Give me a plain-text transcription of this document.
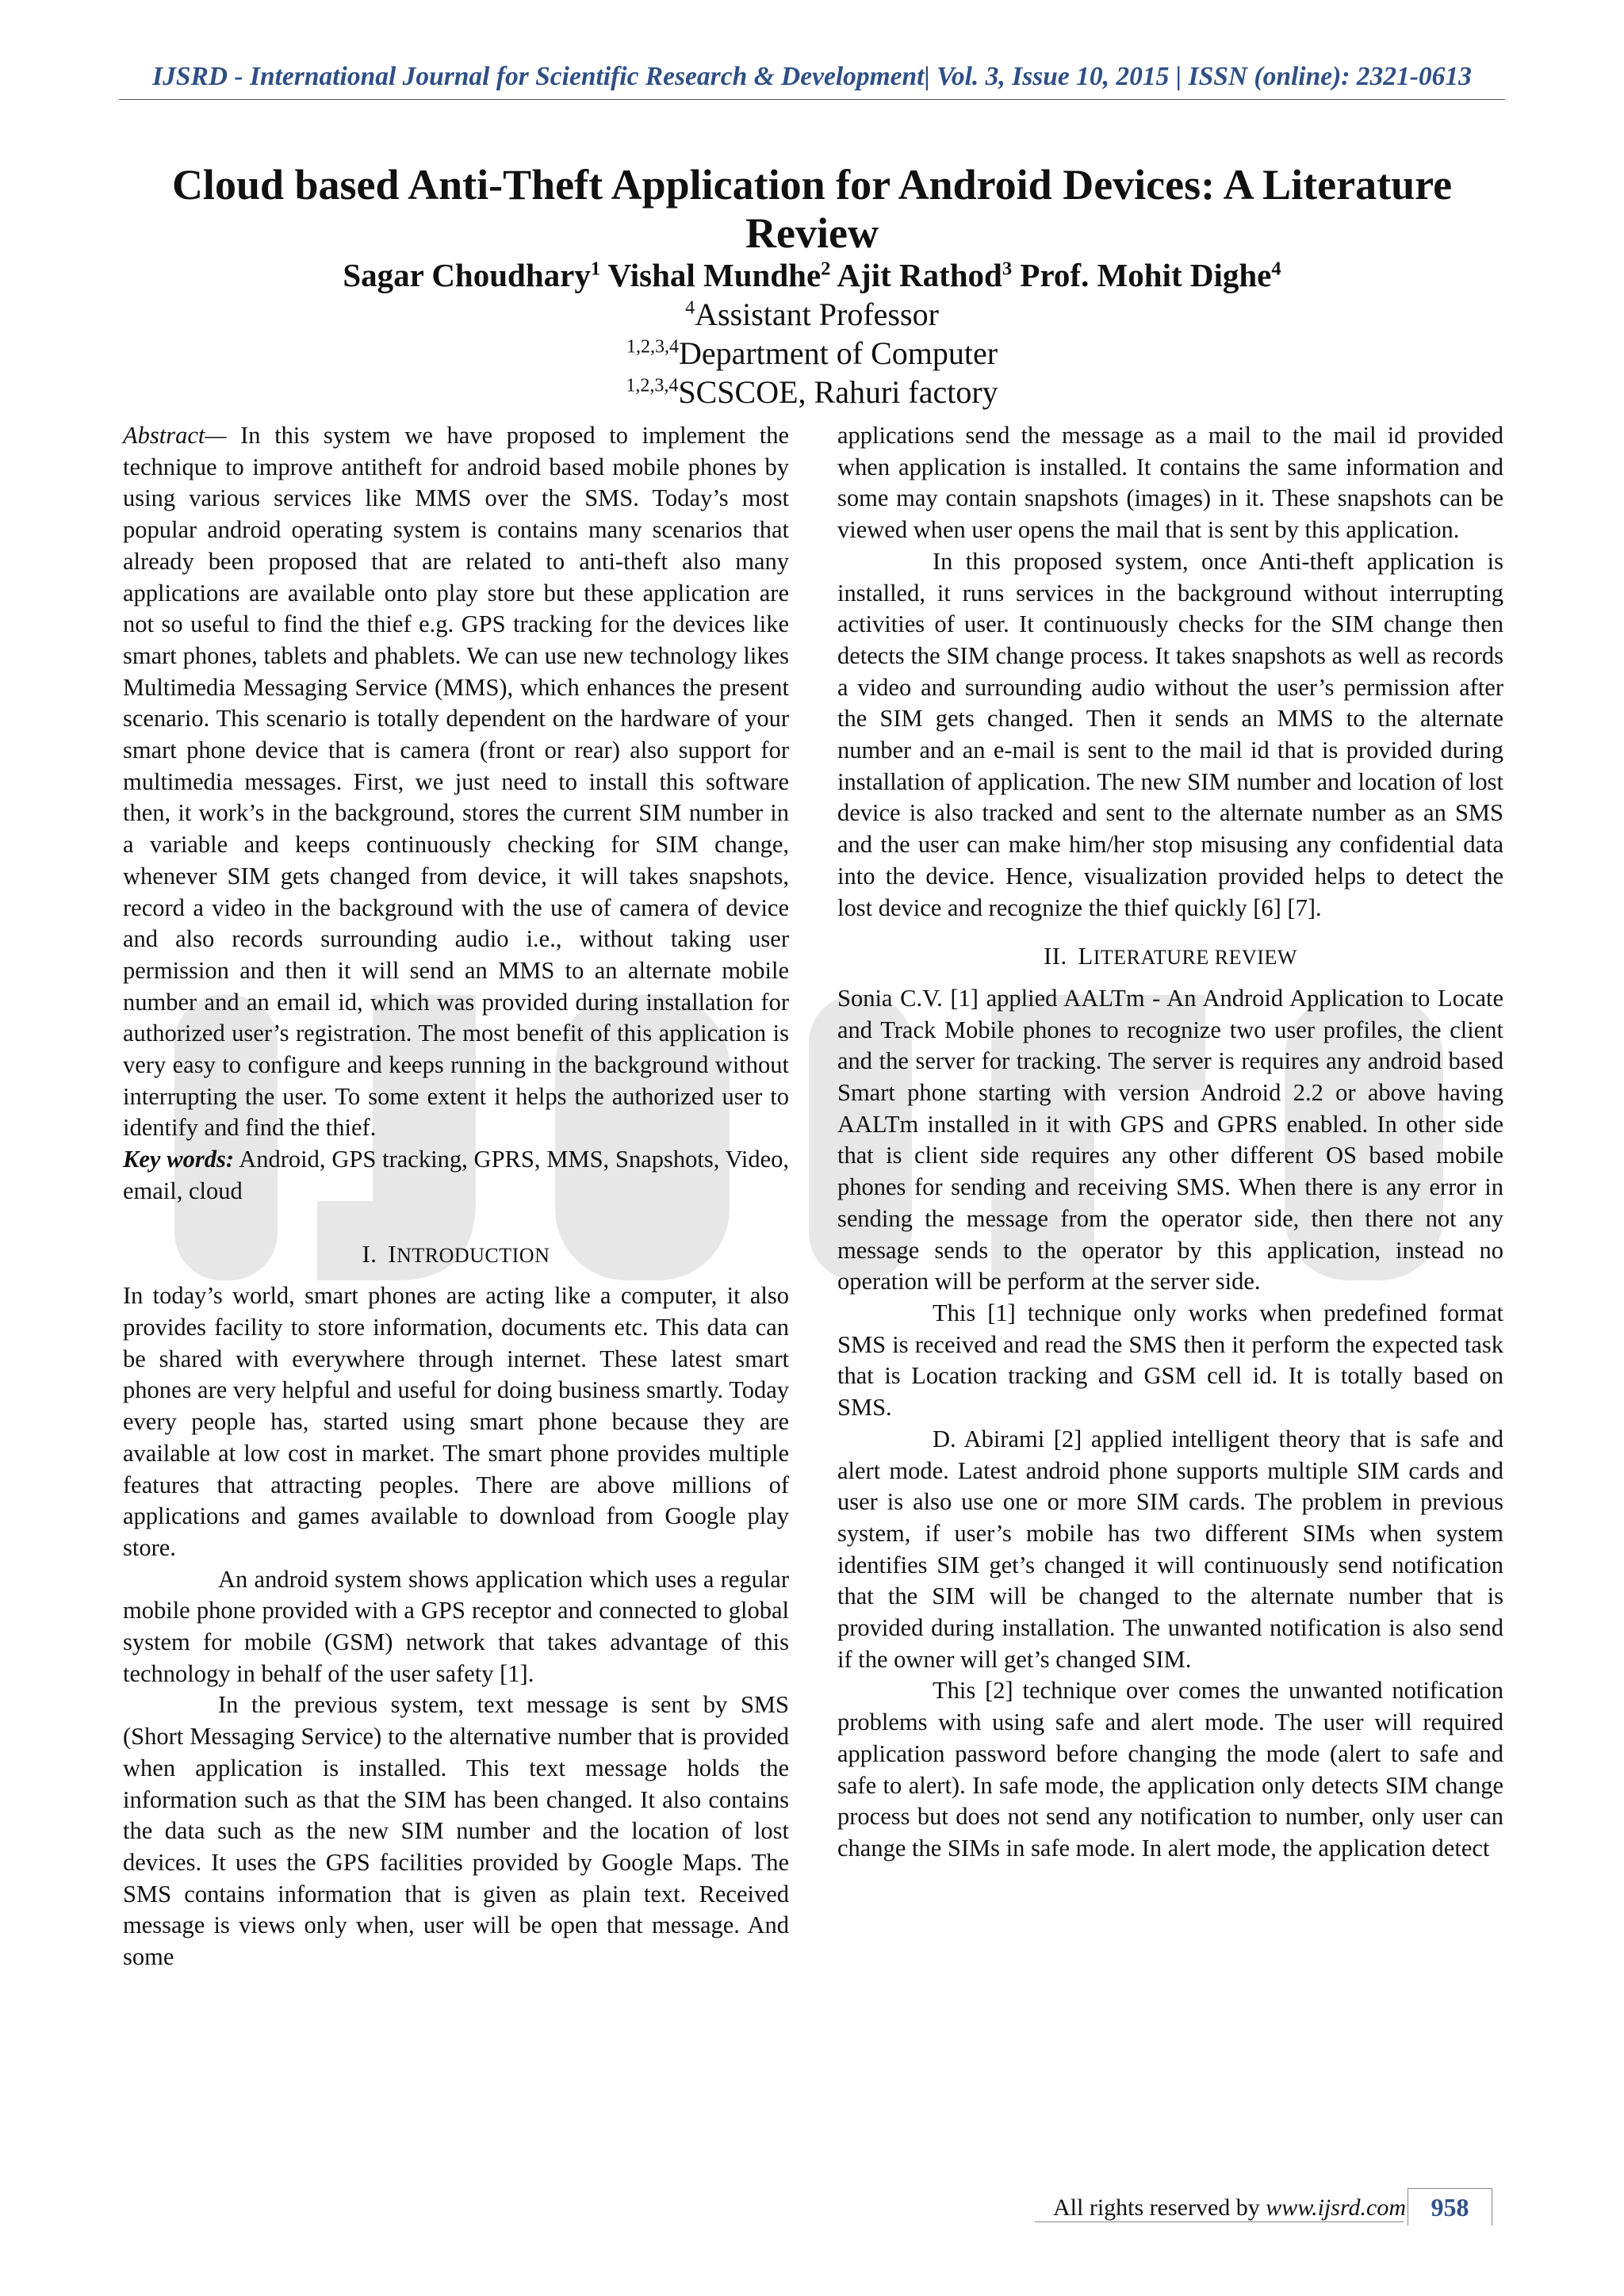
IJSRD - International Journal for Scientific Research & Development| Vol. 3, Issue 10, 2015 | ISSN (online): 2321-0613
Cloud based Anti-Theft Application for Android Devices: A Literature Review
Sagar Choudhary$^1$ Vishal Mundhe$^2$ Ajit Rathod$^3$ Prof. Mohit Dighe$^4$
$^4$Assistant Professor
$^{1,2,3,4}$Department of Computer
$^{1,2,3,4}$SCSCOE, Rahuri factory

Abstract— In this system we have proposed to implement the technique to improve antitheft for android based mobile phones by using various services like MMS over the SMS. Today’s most popular android operating system is contains many scenarios that already been proposed that are related to anti-theft also many applications are available onto play store but these application are not so useful to find the thief e.g. GPS tracking for the devices like smart phones, tablets and phablets. We can use new technology likes Multimedia Messaging Service (MMS), which enhances the present scenario. This scenario is totally dependent on the hardware of your smart phone device that is camera (front or rear) also support for multimedia messages. First, we just need to install this software then, it work’s in the background, stores the current SIM number in a variable and keeps continuously checking for SIM change, whenever SIM gets changed from device, it will takes snapshots, record a video in the background with the use of camera of device and also records surrounding audio i.e., without taking user permission and then it will send an MMS to an alternate mobile number and an email id, which was provided during installation for authorized user’s registration. The most benefit of this application is very easy to configure and keeps running in the background without interrupting the user. To some extent it helps the authorized user to identify and find the thief.

Key words: Android, GPS tracking, GPRS, MMS, Snapshots, Video, email, cloud

I. INTRODUCTION

In today’s world, smart phones are acting like a computer, it also provides facility to store information, documents etc. This data can be shared with everywhere through internet. These latest smart phones are very helpful and useful for doing business smartly. Today every people has, started using smart phone because they are available at low cost in market. The smart phone provides multiple features that attracting peoples. There are above millions of applications and games available to download from Google play store.

An android system shows application which uses a regular mobile phone provided with a GPS receptor and connected to global system for mobile (GSM) network that takes advantage of this technology in behalf of the user safety [1].

In the previous system, text message is sent by SMS (Short Messaging Service) to the alternative number that is provided when application is installed. This text message holds the information such as that the SIM has been changed. It also contains the data such as the new SIM number and the location of lost devices. It uses the GPS facilities provided by Google Maps. The SMS contains information that is given as plain text. Received message is views only when, user will be open that message. And some

applications send the message as a mail to the mail id provided when application is installed. It contains the same information and some may contain snapshots (images) in it. These snapshots can be viewed when user opens the mail that is sent by this application.

In this proposed system, once Anti-theft application is installed, it runs services in the background without interrupting activities of user. It continuously checks for the SIM change then detects the SIM change process. It takes snapshots as well as records a video and surrounding audio without the user’s permission after the SIM gets changed. Then it sends an MMS to the alternate number and an e-mail is sent to the mail id that is provided during installation of application. The new SIM number and location of lost device is also tracked and sent to the alternate number as an SMS and the user can make him/her stop misusing any confidential data into the device. Hence, visualization provided helps to detect the lost device and recognize the thief quickly [6] [7].

II. LITERATURE REVIEW

Sonia C.V. [1] applied AALTm - An Android Application to Locate and Track Mobile phones to recognize two user profiles, the client and the server for tracking. The server is requires any android based Smart phone starting with version Android 2.2 or above having AALTm installed in it with GPS and GPRS enabled. In other side that is client side requires any other different OS based mobile phones for sending and receiving SMS. When there is any error in sending the message from the operator side, then there not any message sends to the operator by this application, instead no operation will be perform at the server side.

This [1] technique only works when predefined format SMS is received and read the SMS then it perform the expected task that is Location tracking and GSM cell id. It is totally based on SMS.

D. Abirami [2] applied intelligent theory that is safe and alert mode. Latest android phone supports multiple SIM cards and user is also use one or more SIM cards. The problem in previous system, if user’s mobile has two different SIMs when system identifies SIM get’s changed it will continuously send notification that the SIM will be changed to the alternate number that is provided during installation. The unwanted notification is also send if the owner will get’s changed SIM.

This [2] technique over comes the unwanted notification problems with using safe and alert mode. The user will required application password before changing the mode (alert to safe and safe to alert). In safe mode, the application only detects SIM change process but does not send any notification to number, only user can change the SIMs in safe mode. In alert mode, the application detect

All rights reserved by www.ijsrd.com 958
